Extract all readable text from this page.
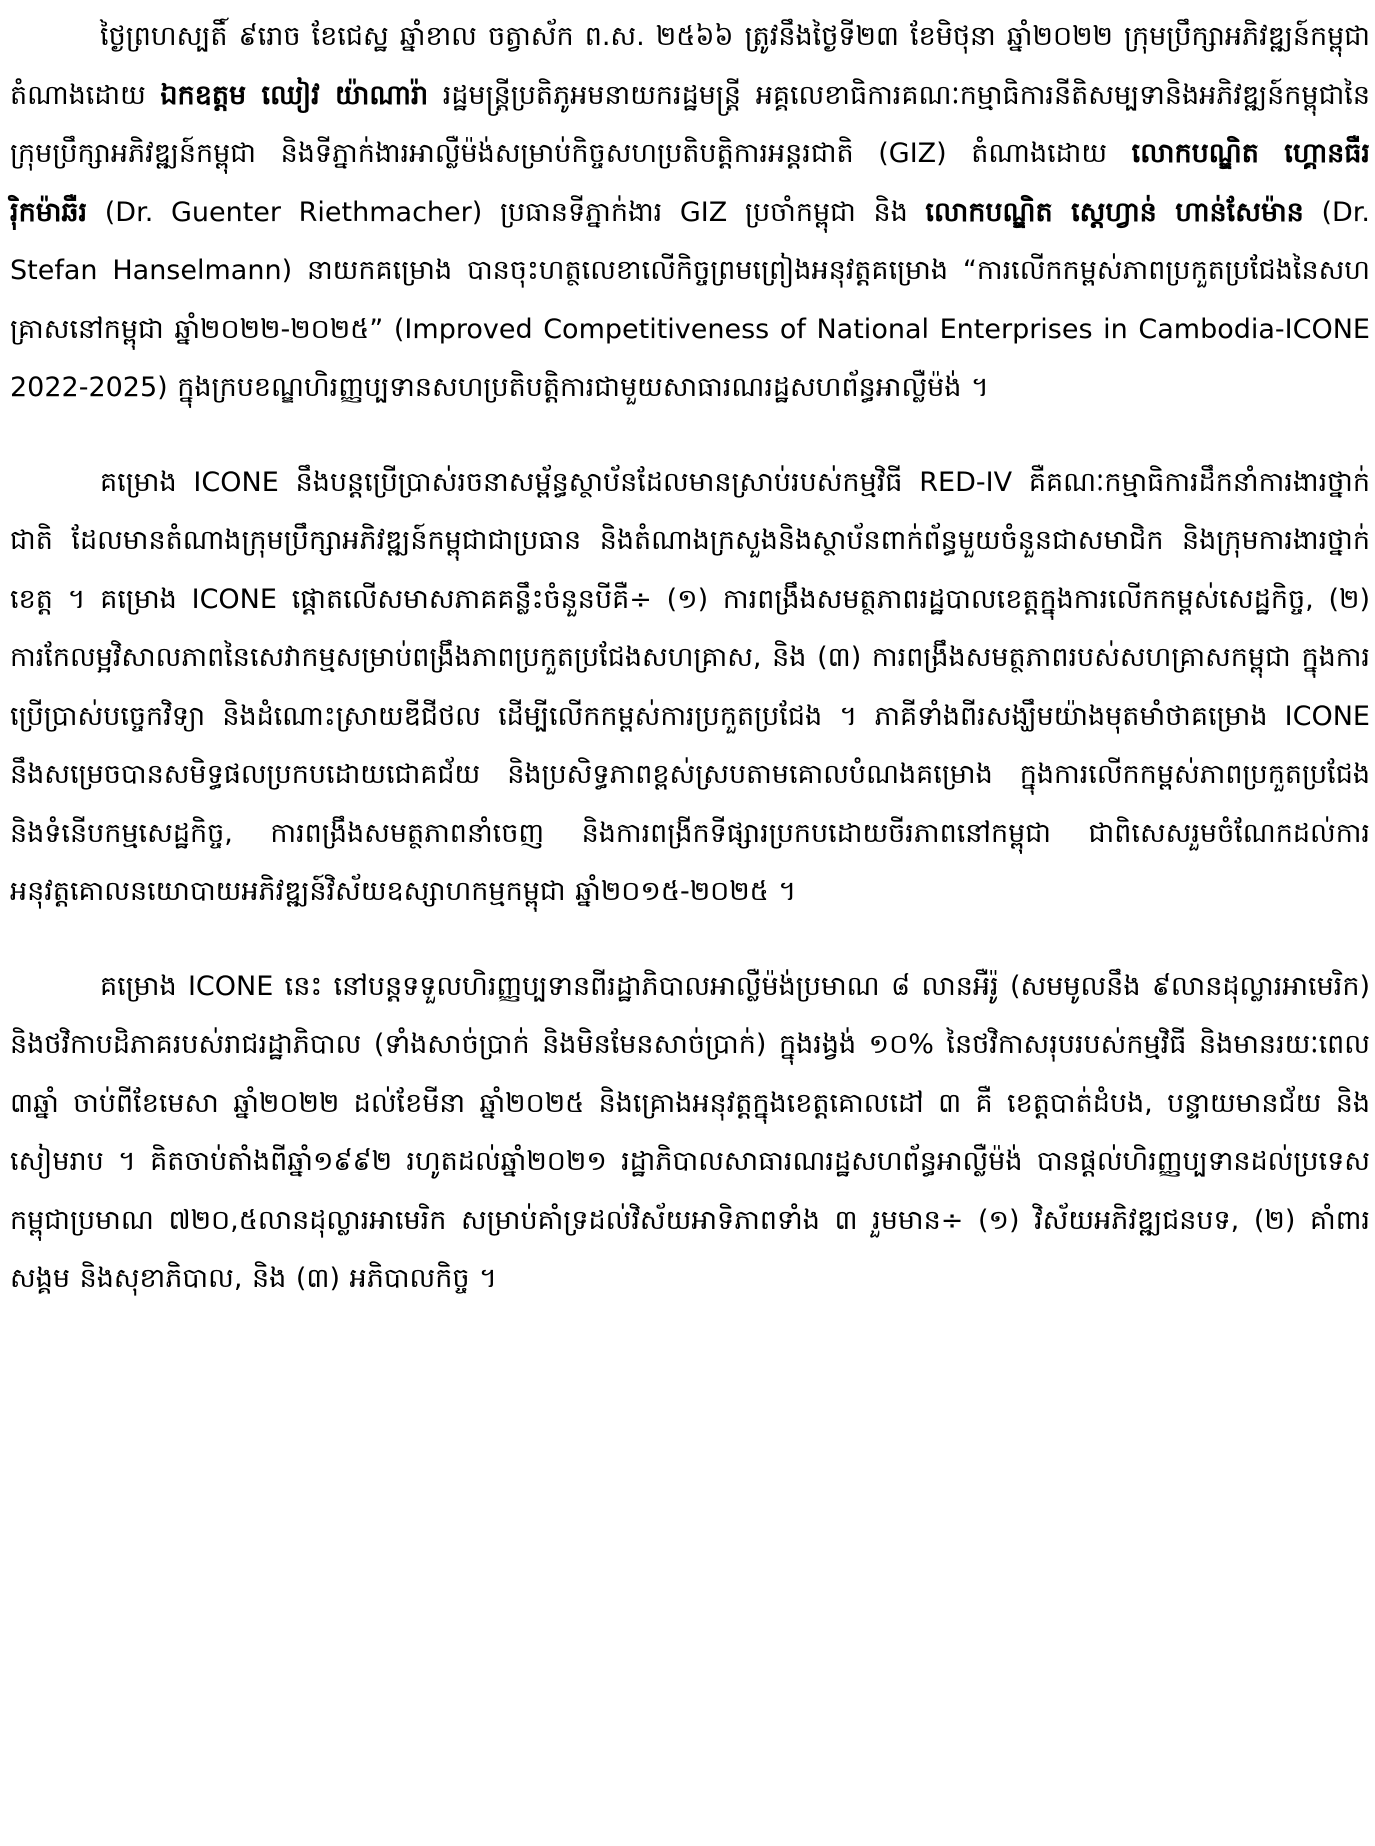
ថ្ងៃព្រហស្បតិ៍ ៩រោច ខែជេស្ឋ ឆ្នាំខាល ចត្វាស័ក ព.ស. ២៥៦៦ ត្រូវនឹងថ្ងៃទី២៣ ខែមិថុនា ឆ្នាំ២០២២ ក្រុមប្រឹក្សាអភិវឌ្ឍន៍កម្ពុជា តំណាងដោយ ឯកឧត្តម ឈៀវ យ៉ាណារ៉ា រដ្ឋមន្ត្រីប្រតិភូអមនាយករដ្ឋមន្ត្រី អគ្គលេខាធិការគណៈកម្មាធិការនីតិសម្បទានិងអភិវឌ្ឍន៍កម្ពុជានៃក្រុមប្រឹក្សាអភិវឌ្ឍន៍កម្ពុជា និងទីភ្នាក់ងារអាល្លឺម៉ង់សម្រាប់កិច្ចសហប្រតិបត្តិការអន្តរជាតិ (GIZ) តំណាងដោយ លោកបណ្ឌិត ហ្គោនធឺរ រ៉ិកម៉ាឆឺរ (Dr. Guenter Riethmacher) ប្រធានទីភ្នាក់ងារ GIZ ប្រចាំកម្ពុជា និង លោកបណ្ឌិត ស្តេហ្វាន់ ហាន់សែម៉ាន (Dr. Stefan Hanselmann) នាយកគម្រោង បានចុះហត្ថលេខាលើកិច្ចព្រមព្រៀងអនុវត្តគម្រោង “ការលើកកម្ពស់ភាពប្រកួតប្រជែងនៃសហគ្រាសនៅកម្ពុជា ឆ្នាំ២០២២-២០២៥” (Improved Competitiveness of National Enterprises in Cambodia-ICONE 2022-2025) ក្នុងក្របខណ្ឌហិរញ្ញប្បទានសហប្រតិបត្តិការជាមួយសាធារណរដ្ឋសហព័ន្ធអាល្លឺម៉ង់ ។

គម្រោង ICONE នឹងបន្តប្រើប្រាស់រចនាសម្ព័ន្ធស្ថាប័នដែលមានស្រាប់របស់កម្មវិធី RED-IV គឺគណៈកម្មាធិការដឹកនាំការងារថ្នាក់ជាតិ ដែលមានតំណាងក្រុមប្រឹក្សាអភិវឌ្ឍន៍កម្ពុជាជាប្រធាន និងតំណាងក្រសួងនិងស្ថាប័នពាក់ព័ន្ធមួយចំនួនជាសមាជិក និងក្រុមការងារថ្នាក់ខេត្ត ។ គម្រោង ICONE ផ្តោតលើសមាសភាគគន្លឹះចំនួនបីគឺ÷ (១) ការពង្រឹងសមត្ថភាពរដ្ឋបាលខេត្តក្នុងការលើកកម្ពស់សេដ្ឋកិច្ច, (២) ការកែលម្អវិសាលភាពនៃសេវាកម្មសម្រាប់ពង្រឹងភាពប្រកួតប្រជែងសហគ្រាស, និង (៣) ការពង្រឹងសមត្ថភាពរបស់សហគ្រាសកម្ពុជា ក្នុងការប្រើប្រាស់បច្ចេកវិទ្យា និងដំណោះស្រាយឌីជីថល ដើម្បីលើកកម្ពស់ការប្រកួតប្រជែង ។ ភាគីទាំងពីរសង្ឃឹមយ៉ាងមុតមាំថាគម្រោង ICONE នឹងសម្រេចបានសមិទ្ធផលប្រកបដោយជោគជ័យ និងប្រសិទ្ធភាពខ្ពស់ស្របតាមគោលបំណងគម្រោង ក្នុងការលើកកម្ពស់ភាពប្រកួតប្រជែង និងទំនើបកម្មសេដ្ឋកិច្ច, ការពង្រឹងសមត្ថភាពនាំចេញ និងការពង្រីកទីផ្សារប្រកបដោយចីរភាពនៅកម្ពុជា ជាពិសេសរួមចំណែកដល់ការអនុវត្តគោលនយោបាយអភិវឌ្ឍន៍វិស័យឧស្សាហកម្មកម្ពុជា ឆ្នាំ២០១៥-២០២៥ ។

គម្រោង ICONE នេះ នៅបន្តទទួលហិរញ្ញប្បទានពីរដ្ឋាភិបាលអាល្លឺម៉ង់ប្រមាណ ៨ លានអឺរ៉ូ (សមមូលនឹង ៩លានដុល្លារអាមេរិក) និងថវិកាបដិភាគរបស់រាជរដ្ឋាភិបាល (ទាំងសាច់ប្រាក់ និងមិនមែនសាច់ប្រាក់) ក្នុងរង្វង់ ១០% នៃថវិកាសរុបរបស់កម្មវិធី និងមានរយៈពេល ៣ឆ្នាំ ចាប់ពីខែមេសា ឆ្នាំ២០២២ ដល់ខែមីនា ឆ្នាំ២០២៥ និងគ្រោងអនុវត្តក្នុងខេត្តគោលដៅ ៣ គឺ ខេត្តបាត់ដំបង, បន្ទាយមានជ័យ និងសៀមរាប ។ គិតចាប់តាំងពីឆ្នាំ១៩៩២ រហូតដល់ឆ្នាំ២០២១ រដ្ឋាភិបាលសាធារណរដ្ឋសហព័ន្ធអាល្លឺម៉ង់ បានផ្តល់ហិរញ្ញប្បទានដល់ប្រទេសកម្ពុជាប្រមាណ ៧២០,៥លានដុល្លារអាមេរិក សម្រាប់គាំទ្រដល់វិស័យអាទិភាពទាំង ៣ រួមមាន÷ (១) វិស័យអភិវឌ្ឍជនបទ, (២) គាំពារសង្គម និងសុខាភិបាល, និង (៣) អភិបាលកិច្ច ។
